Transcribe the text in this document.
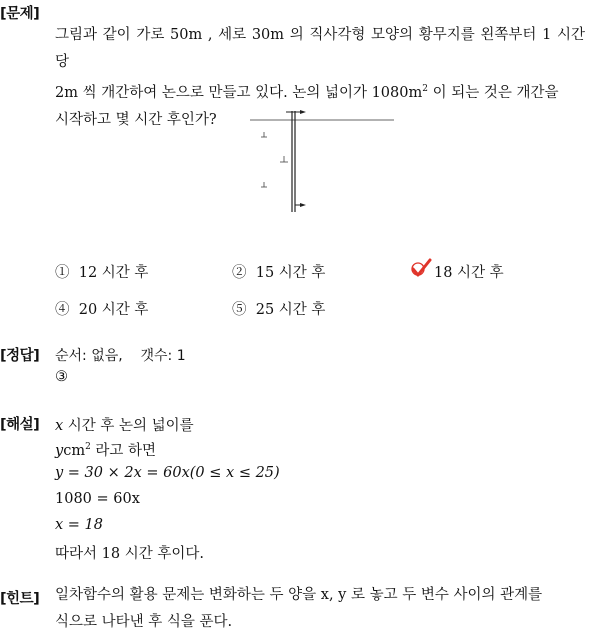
[문제]
그림과 같이 가로 50m , 세로 30m 의 직사각형 모양의 황무지를 왼쪽부터 1 시간당
2m 씩 개간하여 논으로 만들고 있다. 논의 넓이가 $1080m^2$ 이 되는 것은 개간을
시작하고 몇 시간 후인가?
① 12 시간 후	② 15 시간 후	18 시간 후
④ 20 시간 후	⑤ 25 시간 후
[정답] 순서: 없음,    갯수: 1
③
[해설] x 시간 후 논의 넓이를
ycm$^2$ 라고 하면
y = 30 × 2x = 60x(0 ≤ x ≤ 25)
1080 = 60x
x = 18
따라서 18 시간 후이다.
[힌트] 일차함수의 활용 문제는 변화하는 두 양을 x, y 로 놓고 두 변수 사이의 관계를
식으로 나타낸 후 식을 푼다.
